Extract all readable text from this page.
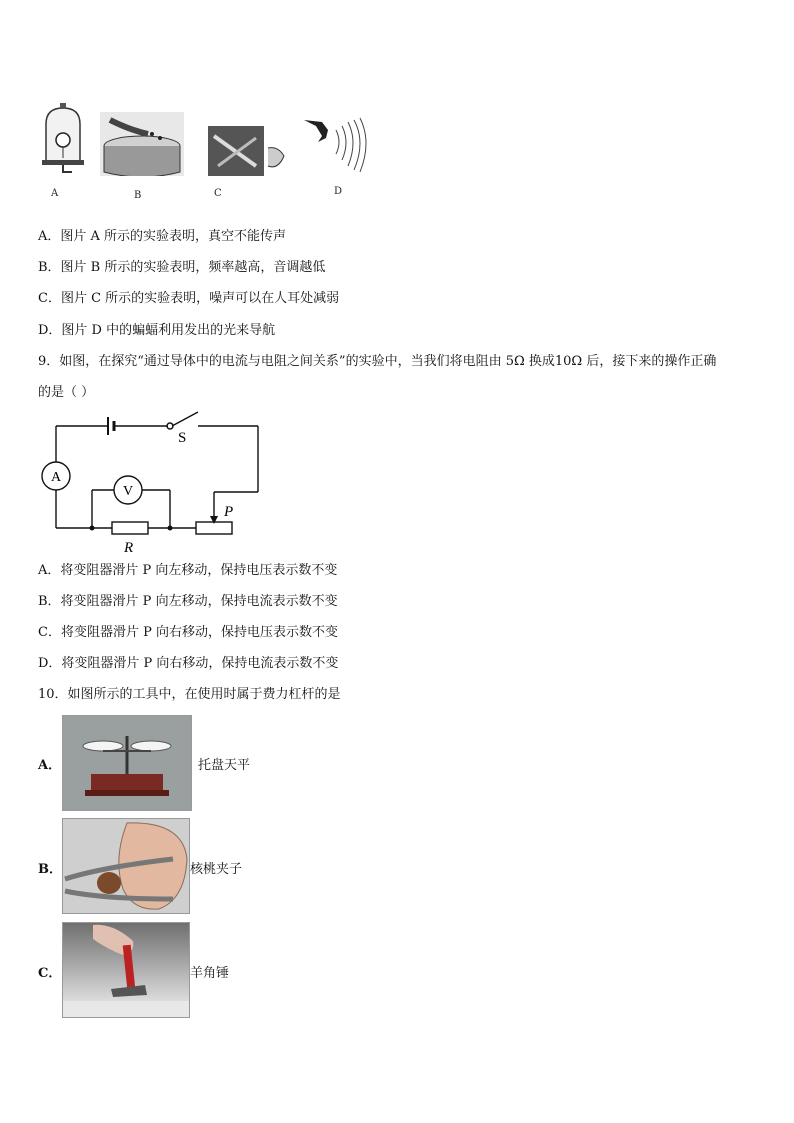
A	B	C	D
A．图片 A 所示的实验表明，真空不能传声
B．图片 B 所示的实验表明，频率越高，音调越低
C．图片 C 所示的实验表明，噪声可以在人耳处减弱
D．图片 D 中的蝙蝠利用发出的光来导航
9．如图，在探究“通过导体中的电流与电阻之间关系”的实验中，当我们将电阻由 5Ω 换成10Ω 后，接下来的操作正确
的是（ ）
A
V
S
P
R
A．将变阻器滑片 P 向左移动，保持电压表示数不变
B．将变阻器滑片 P 向左移动，保持电流表示数不变
C．将变阻器滑片 P 向右移动，保持电压表示数不变
D．将变阻器滑片 P 向右移动，保持电流表示数不变
10．如图所示的工具中，在使用时属于费力杠杆的是
A．	托盘天平
B．	核桃夹子
C．	羊角锤
